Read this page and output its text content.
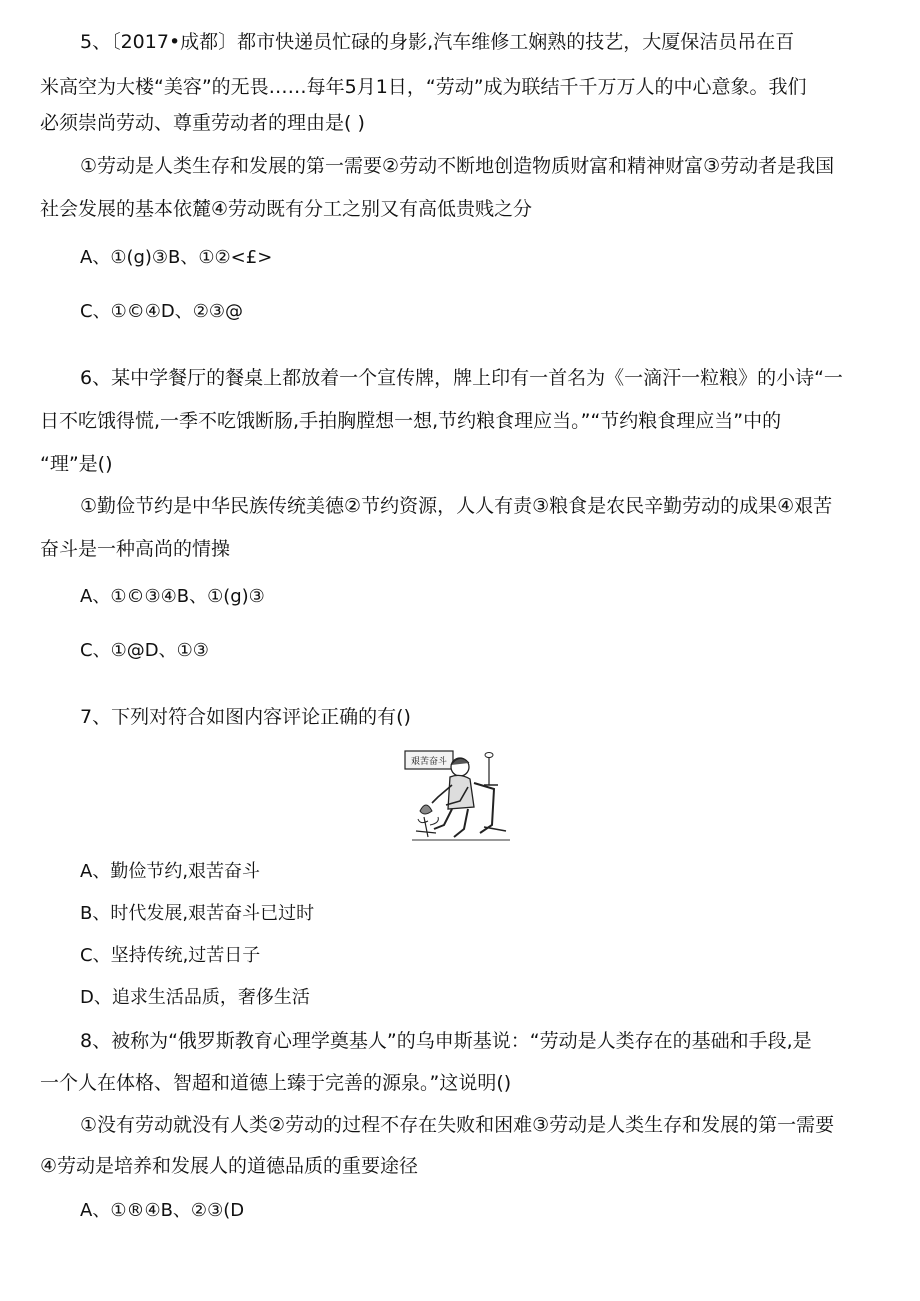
5、〔2017•成都〕都市快递员忙碌的身影,汽车维修工娴熟的技艺，大厦保洁员吊在百
米高空为大楼“美容”的无畏……每年5月1日，“劳动”成为联结千千万万人的中心意象。我们
必须崇尚劳动、尊重劳动者的理由是( )
①劳动是人类生存和发展的第一需要②劳动不断地创造物质财富和精神财富③劳动者是我国
社会发展的基本依麓④劳动既有分工之别又有高低贵贱之分
A、①(g)③B、①②<£>
C、①©④D、②③@
6、某中学餐厅的餐桌上都放着一个宣传牌，牌上印有一首名为《一滴汗一粒粮》的小诗“一
日不吃饿得慌,一季不吃饿断肠,手拍胸膛想一想,节约粮食理应当。”“节约粮食理应当”中的
“理”是()
①勤俭节约是中华民族传统美德②节约资源，人人有责③粮食是农民辛勤劳动的成果④艰苦
奋斗是一种高尚的情操
A、①©③④B、①(g)③
C、①@D、①③
7、下列对符合如图内容评论正确的有()
艰苦奋斗
A、勤俭节约,艰苦奋斗
B、时代发展,艰苦奋斗已过时
C、坚持传统,过苦日子
D、追求生活品质，奢侈生活
8、被称为“俄罗斯教育心理学奠基人”的乌申斯基说：“劳动是人类存在的基础和手段,是
一个人在体格、智超和道德上臻于完善的源泉。”这说明()
①没有劳动就没有人类②劳动的过程不存在失败和困难③劳动是人类生存和发展的第一需要
④劳动是培养和发展人的道德品质的重要途径
A、①®④B、②③(D
